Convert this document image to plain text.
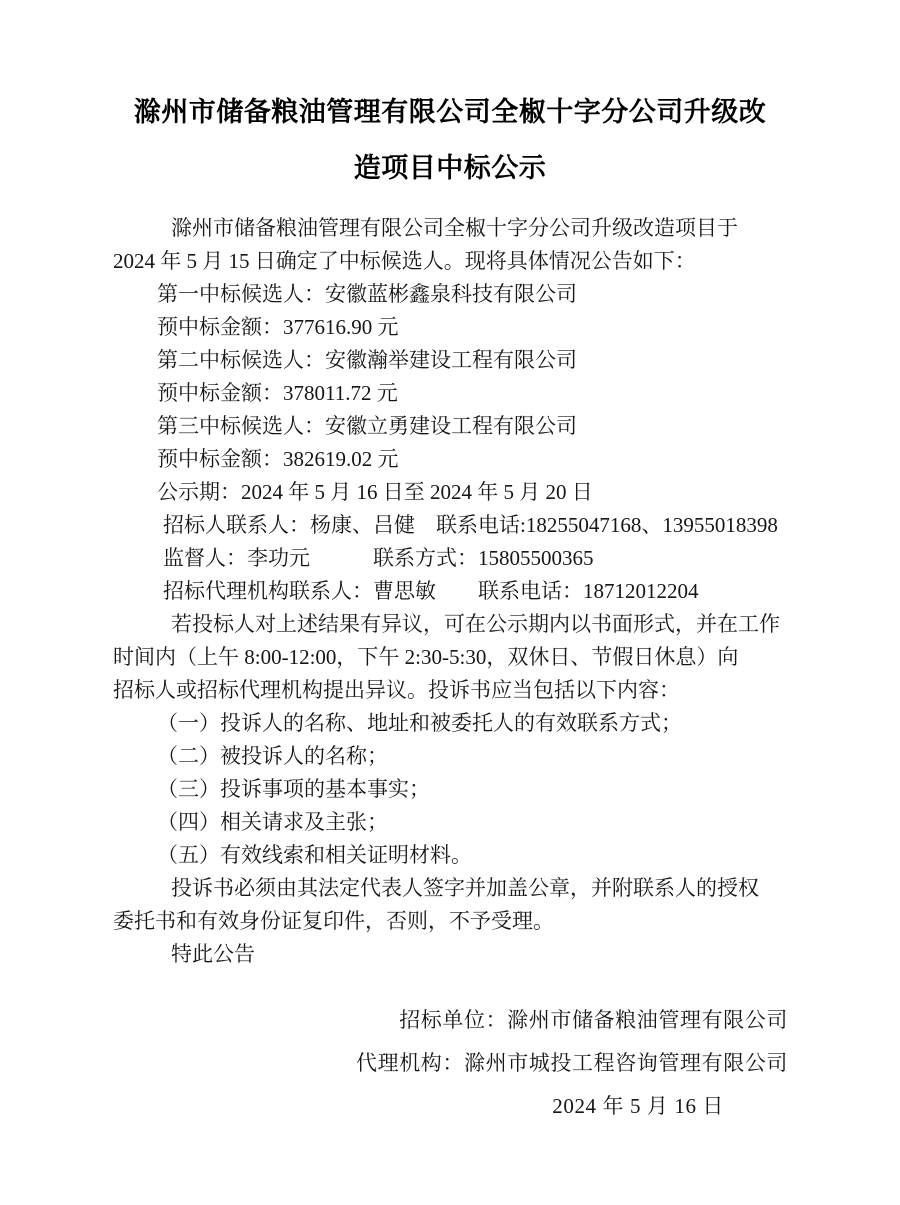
滁州市储备粮油管理有限公司全椒十字分公司升级改
造项目中标公示
滁州市储备粮油管理有限公司全椒十字分公司升级改造项目于
2024 年 5 月 15 日确定了中标候选人。现将具体情况公告如下：
第一中标候选人：安徽蓝彬鑫泉科技有限公司
预中标金额：377616.90 元
第二中标候选人：安徽瀚举建设工程有限公司
预中标金额：378011.72 元
第三中标候选人：安徽立勇建设工程有限公司
预中标金额：382619.02 元
公示期：2024 年 5 月 16 日至 2024 年 5 月 20 日
招标人联系人：杨康、吕健　联系电话:18255047168、13955018398
监督人：李功元　　　联系方式：15805500365
招标代理机构联系人：曹思敏　　联系电话：18712012204
若投标人对上述结果有异议，可在公示期内以书面形式，并在工作
时间内（上午 8:00-12:00，下午 2:30-5:30，双休日、节假日休息）向
招标人或招标代理机构提出异议。投诉书应当包括以下内容：
（一）投诉人的名称、地址和被委托人的有效联系方式；
（二）被投诉人的名称；
（三）投诉事项的基本事实；
（四）相关请求及主张；
（五）有效线索和相关证明材料。
投诉书必须由其法定代表人签字并加盖公章，并附联系人的授权
委托书和有效身份证复印件，否则，不予受理。
特此公告
招标单位：滁州市储备粮油管理有限公司
代理机构：滁州市城投工程咨询管理有限公司
2024 年 5 月 16 日
